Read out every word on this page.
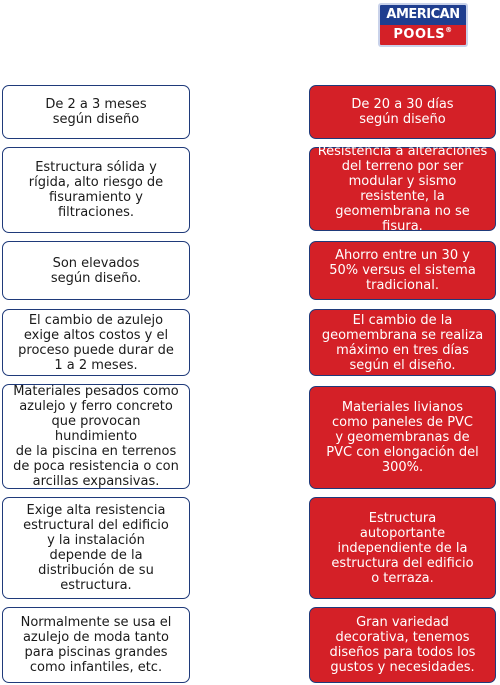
AMERICAN
POOLS®
De 2 a 3 meses
según diseño
Estructura sólida y
rígida, alto riesgo de
fisuramiento y
filtraciones.
Son elevados
según diseño.
El cambio de azulejo
exige altos costos y el
proceso puede durar de
1 a 2 meses.
Materiales pesados como
azulejo y ferro concreto
que provocan hundimiento
de la piscina en terrenos
de poca resistencia o con
arcillas expansivas.
Exige alta resistencia
estructural del edificio
y la instalación
depende de la
distribución de su
estructura.
Normalmente se usa el
azulejo de moda tanto
para piscinas grandes
como infantiles, etc.
De 20 a 30 días
según diseño
Resistencia a alteraciones
del terreno por ser
modular y sismo
resistente, la
geomembrana no se fisura.
Ahorro entre un 30 y
50% versus el sistema
tradicional.
El cambio de la
geomembrana se realiza
máximo en tres días
según el diseño.
Materiales livianos
como paneles de PVC
y geomembranas de
PVC con elongación del
300%.
Estructura
autoportante
independiente de la
estructura del edificio
o terraza.
Gran variedad
decorativa, tenemos
diseños para todos los
gustos y necesidades.
